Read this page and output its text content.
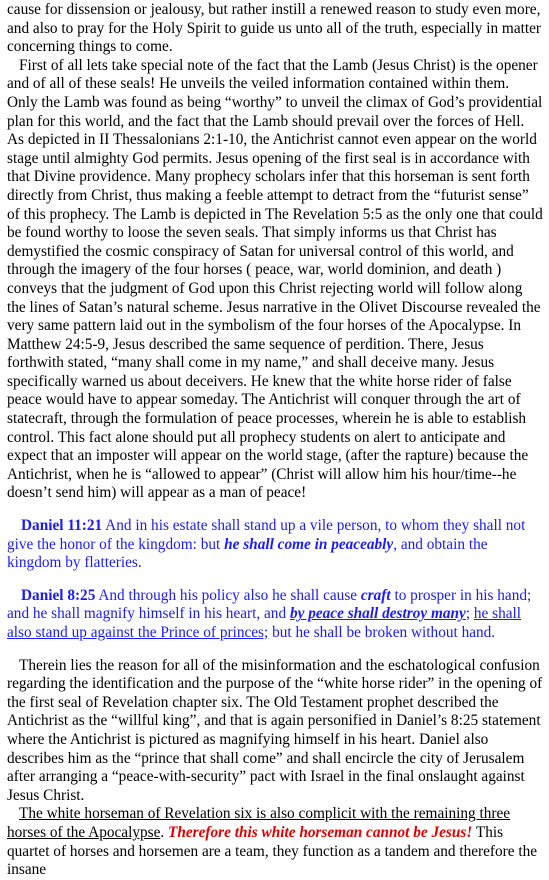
cause for dissension or jealousy, but rather instill a renewed reason to study even more, and also to pray for the Holy Spirit to guide us unto all of the truth, especially in matter concerning things to come.

First of all lets take special note of the fact that the Lamb (Jesus Christ) is the opener and of all of these seals! He unveils the veiled information contained within them. Only the Lamb was found as being “worthy” to unveil the climax of God’s providential plan for this world, and the fact that the Lamb should prevail over the forces of Hell. As depicted in II Thessalonians 2:1-10, the Antichrist cannot even appear on the world stage until almighty God permits. Jesus opening of the first seal is in accordance with that Divine providence. Many prophecy scholars infer that this horseman is sent forth directly from Christ, thus making a feeble attempt to detract from the “futurist sense” of this prophecy. The Lamb is depicted in The Revelation 5:5 as the only one that could be found worthy to loose the seven seals. That simply informs us that Christ has demystified the cosmic conspiracy of Satan for universal control of this world, and through the imagery of the four horses ( peace, war, world dominion, and death ) conveys that the judgment of God upon this Christ rejecting world will follow along the lines of Satan’s natural scheme. Jesus narrative in the Olivet Discourse revealed the very same pattern laid out in the symbolism of the four horses of the Apocalypse. In Matthew 24:5-9, Jesus described the same sequence of perdition. There, Jesus forthwith stated, “many shall come in my name,” and shall deceive many. Jesus specifically warned us about deceivers. He knew that the white horse rider of false peace would have to appear someday. The Antichrist will conquer through the art of statecraft, through the formulation of peace processes, wherein he is able to establish control. This fact alone should put all prophecy students on alert to anticipate and expect that an imposter will appear on the world stage, (after the rapture) because the Antichrist, when he is “allowed to appear” (Christ will allow him his hour/time--he doesn’t send him) will appear as a man of peace!

Daniel 11:21 And in his estate shall stand up a vile person, to whom they shall not give the honor of the kingdom: but he shall come in peaceably, and obtain the kingdom by flatteries.

Daniel 8:25 And through his policy also he shall cause craft to prosper in his hand; and he shall magnify himself in his heart, and by peace shall destroy many; he shall also stand up against the Prince of princes; but he shall be broken without hand.

Therein lies the reason for all of the misinformation and the eschatological confusion regarding the identification and the purpose of the “white horse rider” in the opening of the first seal of Revelation chapter six. The Old Testament prophet described the Antichrist as the “willful king”, and that is again personified in Daniel’s 8:25 statement where the Antichrist is pictured as magnifying himself in his heart. Daniel also describes him as the “prince that shall come” and shall encircle the city of Jerusalem after arranging a “peace-with-security” pact with Israel in the final onslaught against Jesus Christ.

The white horseman of Revelation six is also complicit with the remaining three horses of the Apocalypse. Therefore this white horseman cannot be Jesus! This quartet of horses and horsemen are a team, they function as a tandem and therefore the insane
